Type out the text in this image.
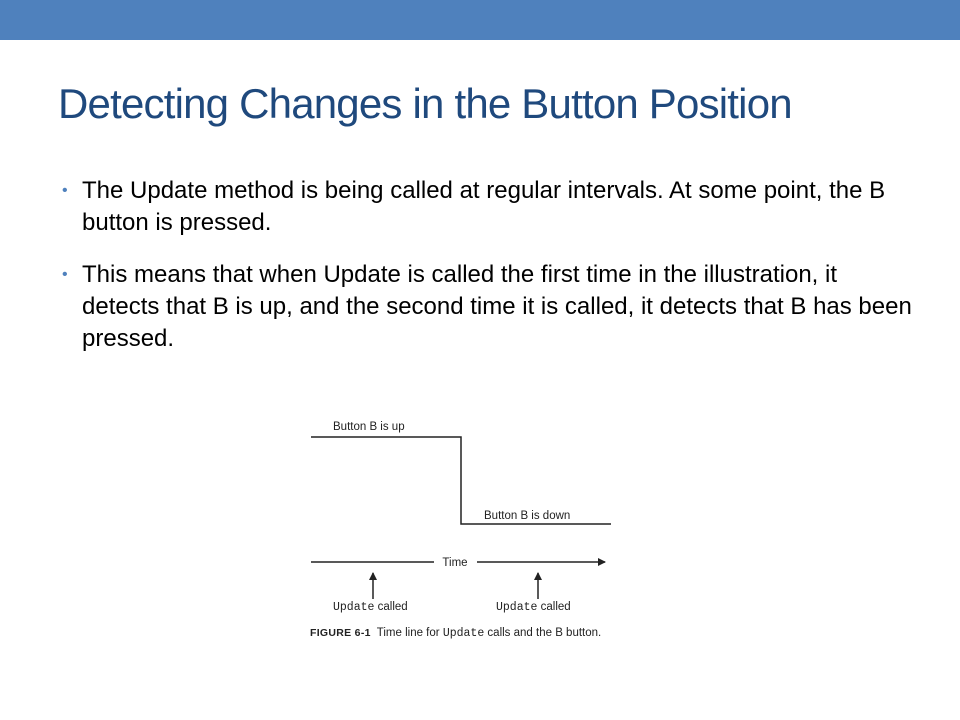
Detecting Changes in the Button Position
• The Update method is being called at regular intervals. At some point, the B button is pressed.
• This means that when Update is called the first time in the illustration, it detects that B is up, and the second time it is called, it detects that B has been pressed.
Button B is up
Button B is down
Time
Update called	Update called
FIGURE 6-1 Time line for Update calls and the B button.
